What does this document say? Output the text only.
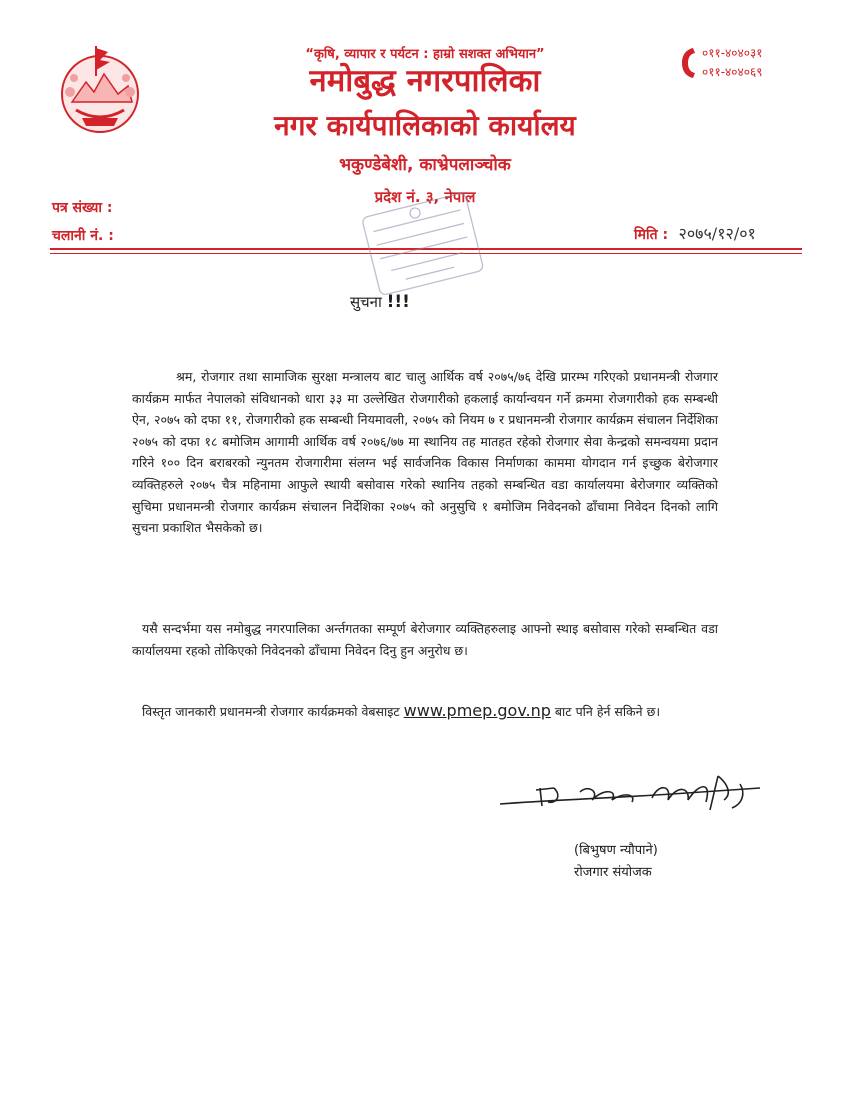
“कृषि, व्यापार र पर्यटन : हाम्रो सशक्त अभियान”
नमोबुद्ध नगरपालिका
नगर कार्यपालिकाको कार्यालय
भकुण्डेबेशी, काभ्रेपलाञ्चोक
प्रदेश नं. ३, नेपाल
०११-४०४०३१
०११-४०४०६९
पत्र संख्या :
चलानी नं. :	मिति : २०७५/१२/०१
सुचना !!!
श्रम, रोजगार तथा सामाजिक सुरक्षा मन्त्रालय बाट चालु आर्थिक वर्ष २०७५/७६ देखि प्रारम्भ गरिएको प्रधानमन्त्री रोजगार कार्यक्रम मार्फत नेपालको संविधानको धारा ३३ मा उल्लेखित रोजगारीको हकलाई कार्यान्वयन गर्ने क्रममा रोजगारीको हक सम्बन्धी ऐन, २०७५ को दफा ११, रोजगारीको हक सम्बन्धी नियमावली, २०७५ को नियम ७ र प्रधानमन्त्री रोजगार कार्यक्रम संचालन निर्देशिका २०७५ को दफा १८ बमोजिम आगामी आर्थिक वर्ष २०७६/७७ मा स्थानिय तह मातहत रहेको रोजगार सेवा केन्द्रको समन्वयमा प्रदान गरिने १०० दिन बराबरको न्युनतम रोजगारीमा संलग्न भई सार्वजनिक विकास निर्माणका काममा योगदान गर्न इच्छुक बेरोजगार व्यक्तिहरुले २०७५ चैत्र महिनामा आफुले स्थायी बसोवास गरेको स्थानिय तहको सम्बन्धित वडा कार्यालयमा बेरोजगार व्यक्तिको सुचिमा प्रधानमन्त्री रोजगार कार्यक्रम संचालन निर्देशिका २०७५ को अनुसुचि १ बमोजिम निवेदनको ढाँचामा निवेदन दिनको लागि सुचना प्रकाशित भैसकेको छ।
यसै सन्दर्भमा यस नमोबुद्ध नगरपालिका अर्न्तगतका सम्पूर्ण बेरोजगार व्यक्तिहरुलाइ आफ्नो स्थाइ बसोवास गरेको सम्बन्धित वडा कार्यालयमा रहको तोकिएको निवेदनको ढाँचामा निवेदन दिनु हुन अनुरोध छ।
विस्तृत जानकारी प्रधानमन्त्री रोजगार कार्यक्रमको वेबसाइट www.pmep.gov.np बाट पनि हेर्न सकिने छ।
(बिभुषण न्यौपाने)
रोजगार संयोजक
